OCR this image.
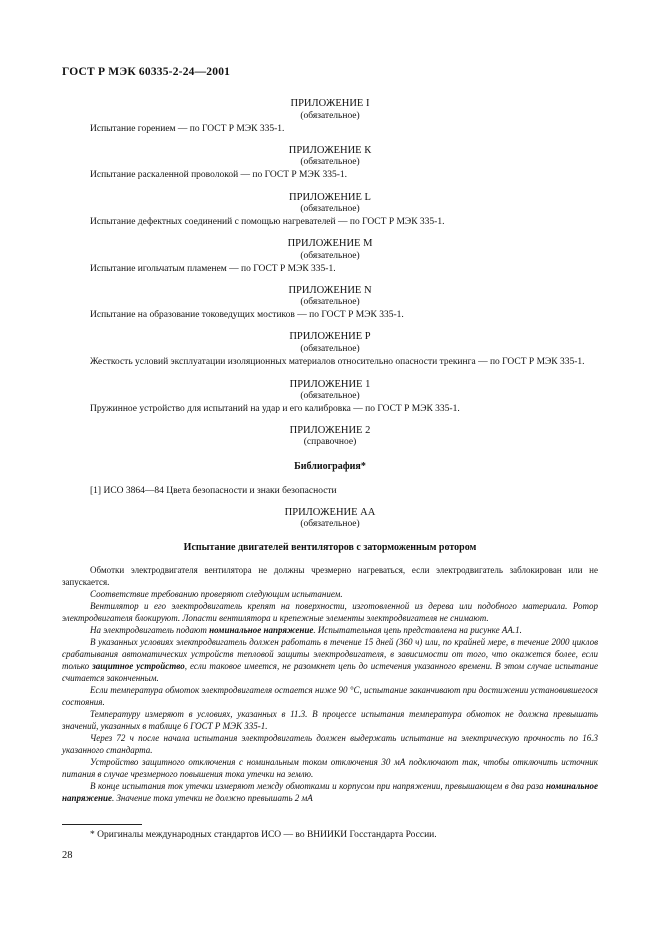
ГОСТ Р МЭК 60335-2-24—2001
ПРИЛОЖЕНИЕ I
(обязательное)
Испытание горением — по ГОСТ Р МЭК 335-1.
ПРИЛОЖЕНИЕ К
(обязательное)
Испытание раскаленной проволокой — по ГОСТ Р МЭК 335-1.
ПРИЛОЖЕНИЕ L
(обязательное)
Испытание дефектных соединений с помощью нагревателей — по ГОСТ Р МЭК 335-1.
ПРИЛОЖЕНИЕ М
(обязательное)
Испытание игольчатым пламенем — по ГОСТ Р МЭК 335-1.
ПРИЛОЖЕНИЕ N
(обязательное)
Испытание на образование токоведущих мостиков — по ГОСТ Р МЭК 335-1.
ПРИЛОЖЕНИЕ Р
(обязательное)
Жесткость условий эксплуатации изоляционных материалов относительно опасности трекинга — по ГОСТ Р МЭК 335-1.
ПРИЛОЖЕНИЕ 1
(обязательное)
Пружинное устройство для испытаний на удар и его калибровка — по ГОСТ Р МЭК 335-1.
ПРИЛОЖЕНИЕ 2
(справочное)
Библиография*
[1] ИСО 3864—84 Цвета безопасности и знаки безопасности
ПРИЛОЖЕНИЕ АА
(обязательное)
Испытание двигателей вентиляторов с заторможенным ротором

Обмотки электродвигателя вентилятора не должны чрезмерно нагреваться, если электродвигатель заблокирован или не запускается.

Соответствие требованию проверяют следующим испытанием.

Вентилятор и его электродвигатель крепят на поверхности, изготовленной из дерева или подобного материала. Ротор электродвигателя блокируют. Лопасти вентилятора и крепежные элементы электродвигателя не снимают.

На электродвигатель подают номинальное напряжение. Испытательная цепь представлена на рисунке АА.1.

В указанных условиях электродвигатель должен работать в течение 15 дней (360 ч) или, по крайней мере, в течение 2000 циклов срабатывания автоматических устройств тепловой защиты электродвигателя, в зависимости от того, что окажется более, если только защитное устройство, если таковое имеется, не разомкнет цепь до истечения указанного времени. В этом случае испытание считается законченным.

Если температура обмоток электродвигателя остается ниже 90 °С, испытание заканчивают при достижении установившегося состояния.

Температуру измеряют в условиях, указанных в 11.3. В процессе испытания температура обмоток не должна превышать значений, указанных в таблице 6 ГОСТ Р МЭК 335-1.

Через 72 ч после начала испытания электродвигатель должен выдержать испытание на электрическую прочность по 16.3 указанного стандарта.

Устройство защитного отключения с номинальным током отключения 30 мА подключают так, чтобы отключить источник питания в случае чрезмерного повышения тока утечки на землю.

В конце испытания ток утечки измеряют между обмотками и корпусом при напряжении, превышающем в два раза номинальное напряжение. Значение тока утечки не должно превышать 2 мА

* Оригиналы международных стандартов ИСО — во ВНИИКИ Госстандарта России.
28
